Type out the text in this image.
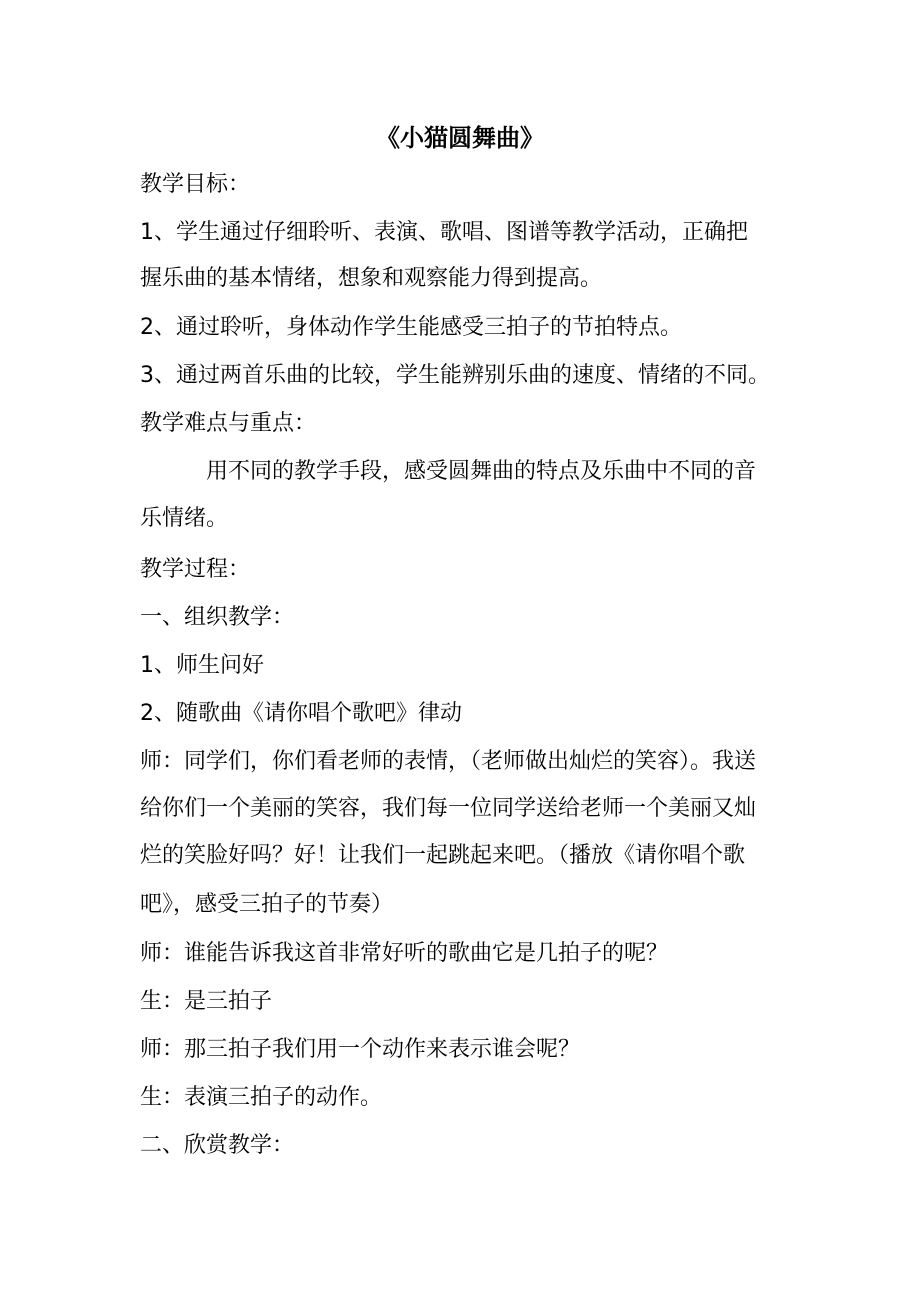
《小猫圆舞曲》
教学目标：
1、学生通过仔细聆听、表演、歌唱、图谱等教学活动，正确把
握乐曲的基本情绪，想象和观察能力得到提高。
2、通过聆听，身体动作学生能感受三拍子的节拍特点。
3、通过两首乐曲的比较，学生能辨别乐曲的速度、情绪的不同。
教学难点与重点：
用不同的教学手段，感受圆舞曲的特点及乐曲中不同的音
乐情绪。
教学过程：
一、组织教学：
1、师生问好
2、随歌曲《请你唱个歌吧》律动
师：同学们，你们看老师的表情，（老师做出灿烂的笑容）。我送
给你们一个美丽的笑容，我们每一位同学送给老师一个美丽又灿
烂的笑脸好吗？好！让我们一起跳起来吧。（播放《请你唱个歌
吧》，感受三拍子的节奏）
师：谁能告诉我这首非常好听的歌曲它是几拍子的呢？
生：是三拍子
师：那三拍子我们用一个动作来表示谁会呢？
生：表演三拍子的动作。
二、欣赏教学：
